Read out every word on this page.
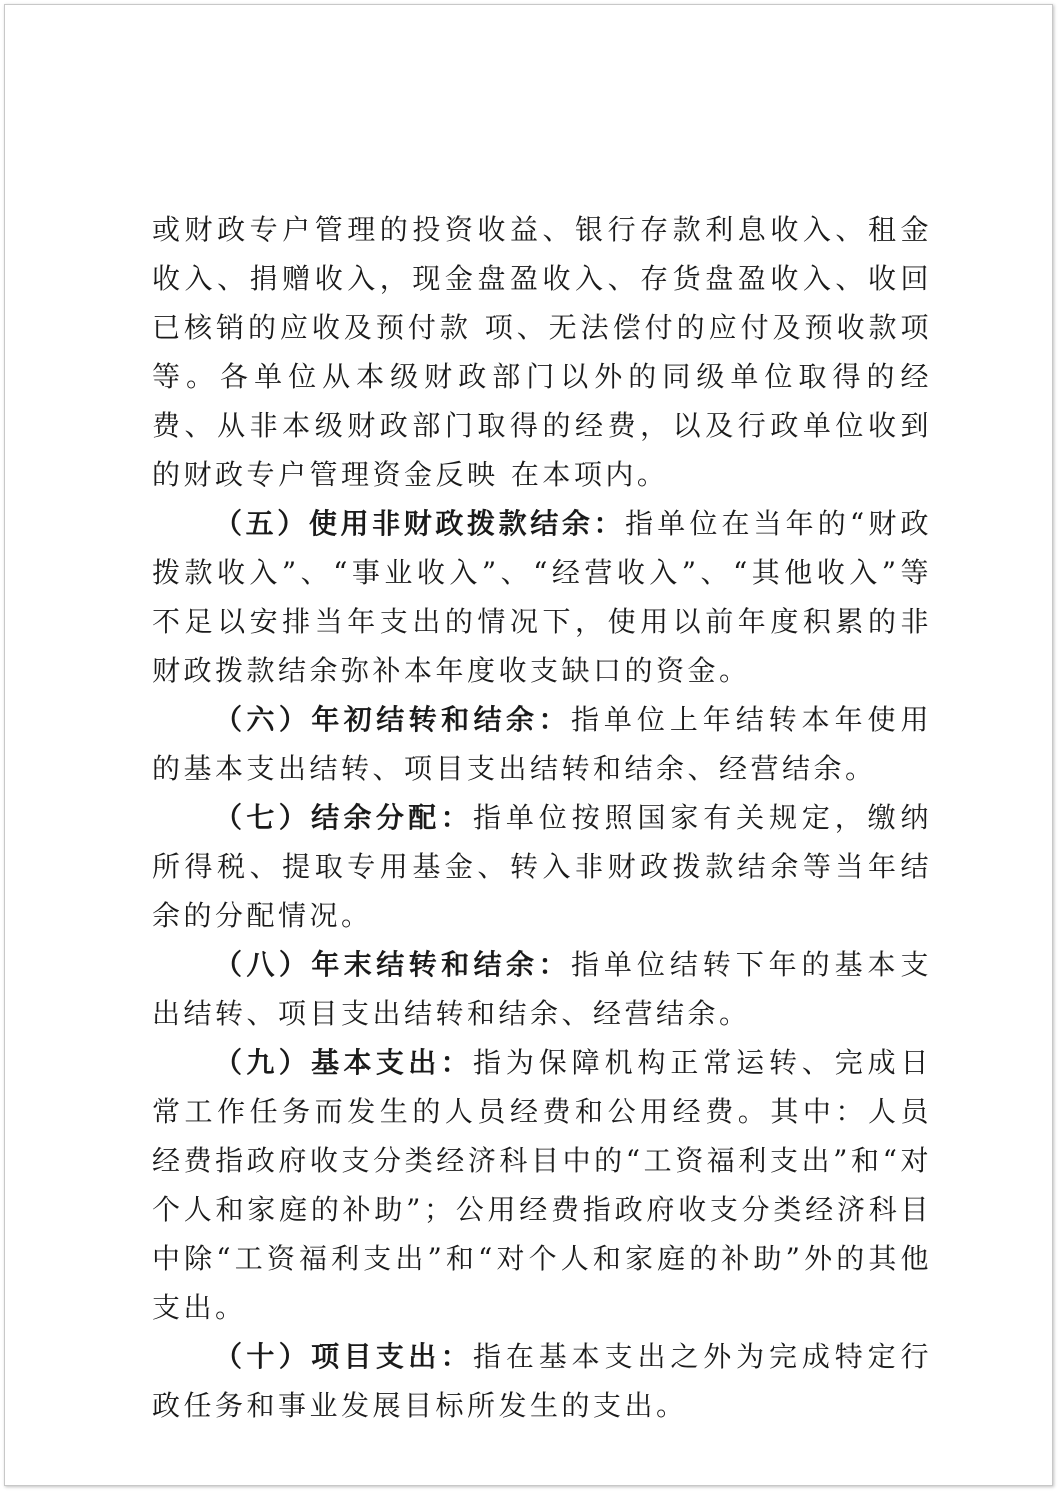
或财政专户管理的投资收益、银行存款利息收入、租金收入、捐赠收入，现金盘盈收入、存货盘盈收入、收回已核销的应收及预付款 项、无法偿付的应付及预收款项等。各单位从本级财政部门以外的同级单位取得的经费、从非本级财政部门取得的经费，以及行政单位收到的财政专户管理资金反映 在本项内。

（五）使用非财政拨款结余：指单位在当年的“财政拨款收入”、“事业收入”、“经营收入”、“其他收入”等不足以安排当年支出的情况下，使用以前年度积累的非财政拨款结余弥补本年度收支缺口的资金。

（六）年初结转和结余：指单位上年结转本年使用的基本支出结转、项目支出结转和结余、经营结余。

（七）结余分配：指单位按照国家有关规定，缴纳所得税、提取专用基金、转入非财政拨款结余等当年结余的分配情况。

（八）年末结转和结余：指单位结转下年的基本支出结转、项目支出结转和结余、经营结余。

（九）基本支出：指为保障机构正常运转、完成日常工作任务而发生的人员经费和公用经费。其中：人员经费指政府收支分类经济科目中的“工资福利支出”和“对个人和家庭的补助”；公用经费指政府收支分类经济科目中除“工资福利支出”和“对个人和家庭的补助”外的其他支出。

（十）项目支出：指在基本支出之外为完成特定行政任务和事业发展目标所发生的支出。
